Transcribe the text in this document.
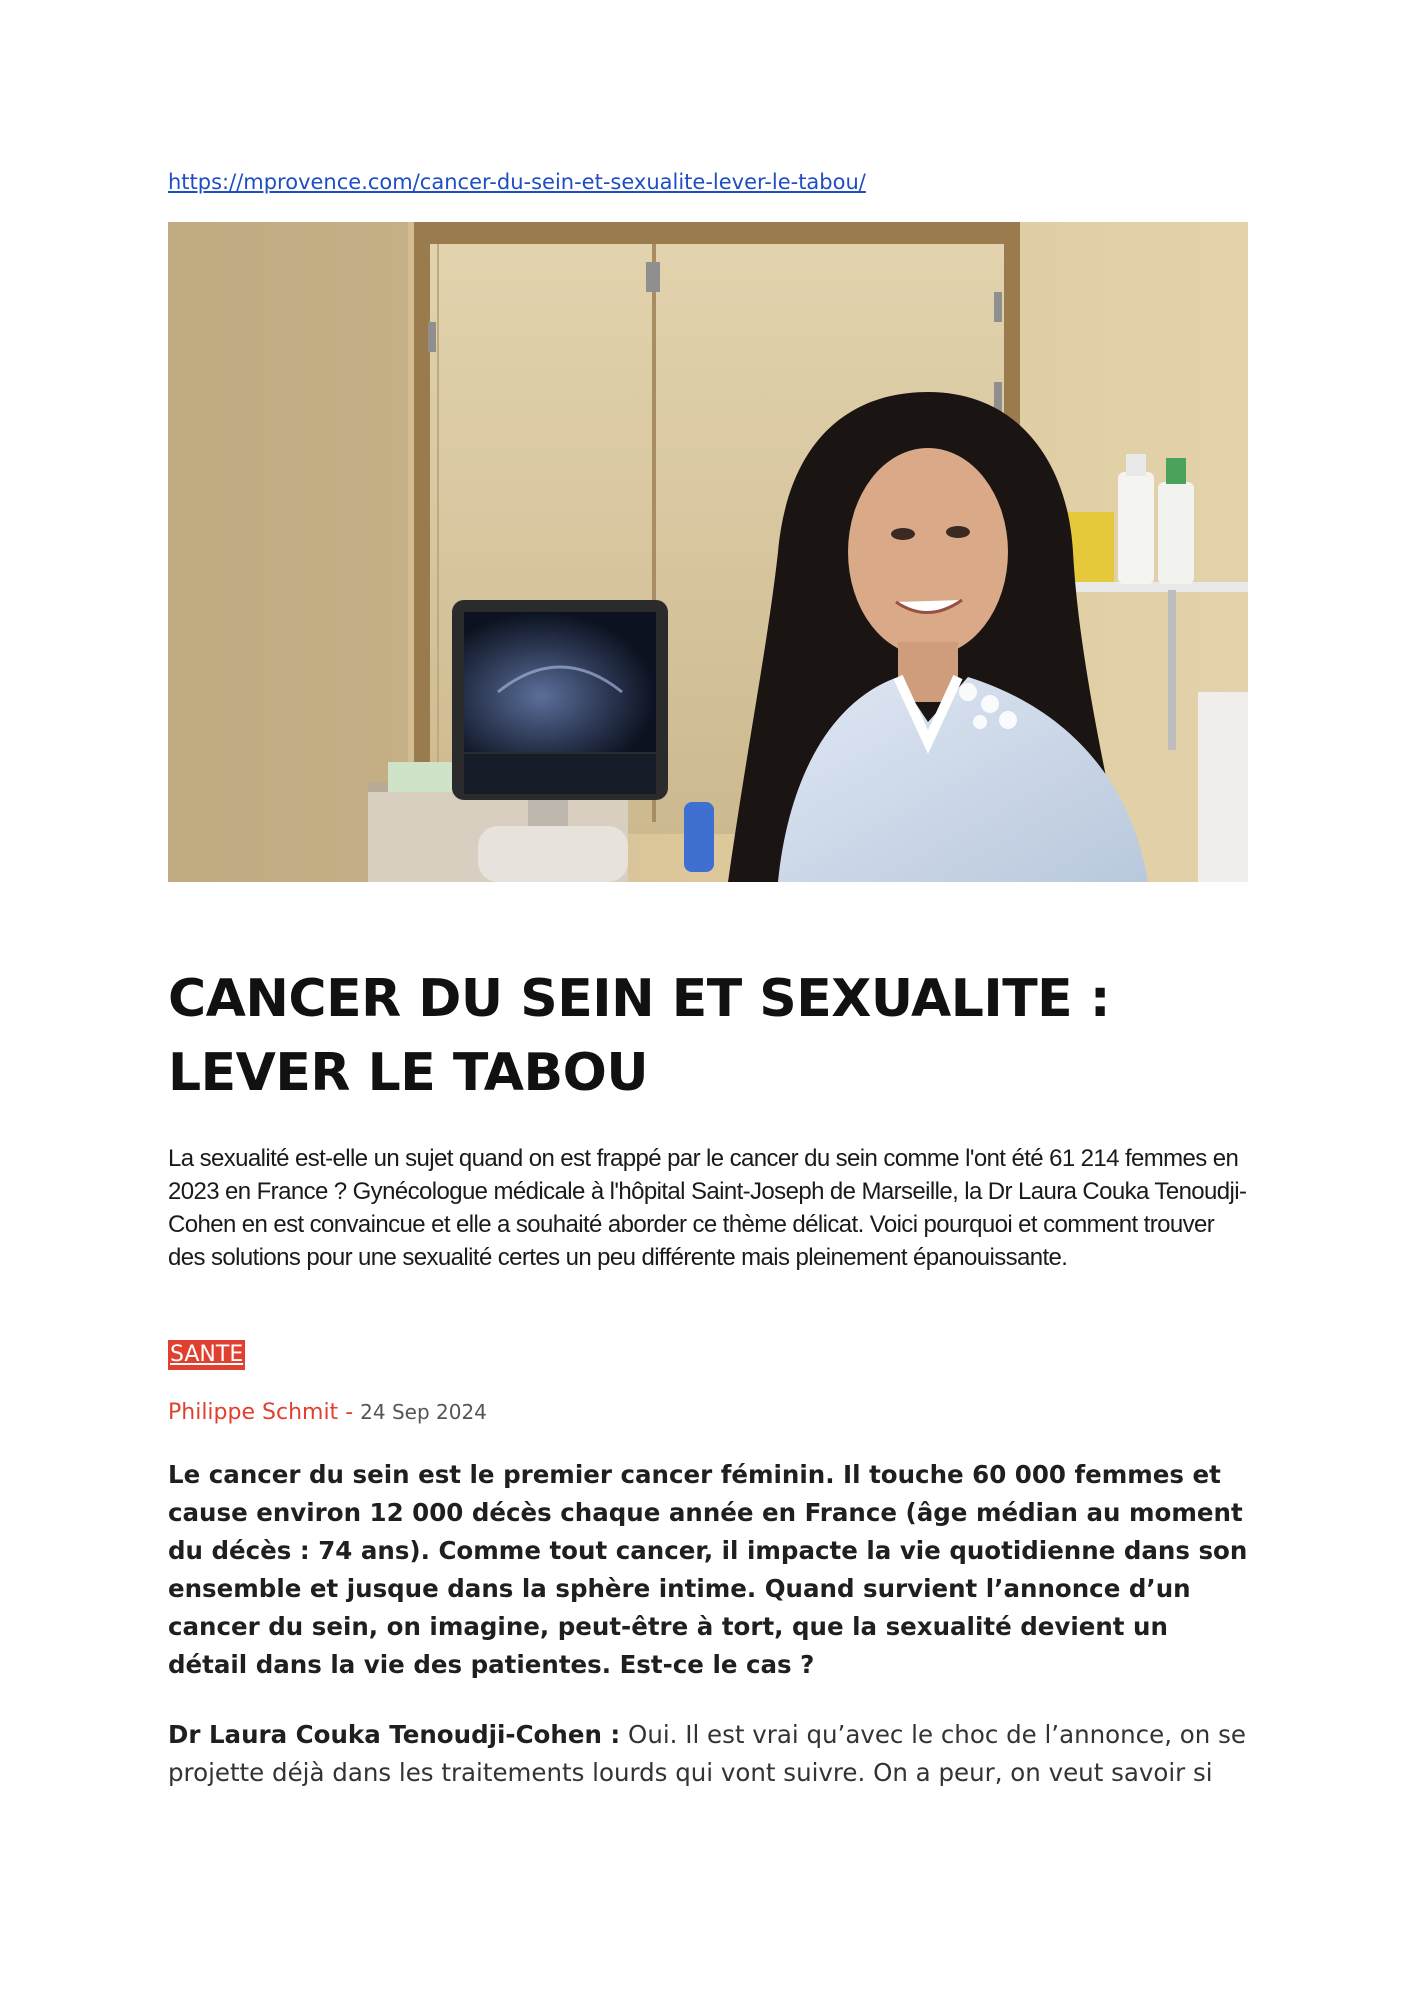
https://mprovence.com/cancer-du-sein-et-sexualite-lever-le-tabou/
CANCER DU SEIN ET SEXUALITE : LEVER LE TABOU

La sexualité est-elle un sujet quand on est frappé par le cancer du sein comme l'ont été 61 214 femmes en 2023 en France ? Gynécologue médicale à l'hôpital Saint-Joseph de Marseille, la Dr Laura Couka Tenoudji-Cohen en est convaincue et elle a souhaité aborder ce thème délicat. Voici pourquoi et comment trouver des solutions pour une sexualité certes un peu différente mais pleinement épanouissante.

SANTE
Philippe Schmit - 24 Sep 2024

Le cancer du sein est le premier cancer féminin. Il touche 60 000 femmes et cause environ 12 000 décès chaque année en France (âge médian au moment du décès : 74 ans). Comme tout cancer, il impacte la vie quotidienne dans son ensemble et jusque dans la sphère intime. Quand survient l’annonce d’un cancer du sein, on imagine, peut-être à tort, que la sexualité devient un détail dans la vie des patientes. Est-ce le cas ?

Dr Laura Couka Tenoudji-Cohen : Oui. Il est vrai qu’avec le choc de l’annonce, on se projette déjà dans les traitements lourds qui vont suivre. On a peur, on veut savoir si
